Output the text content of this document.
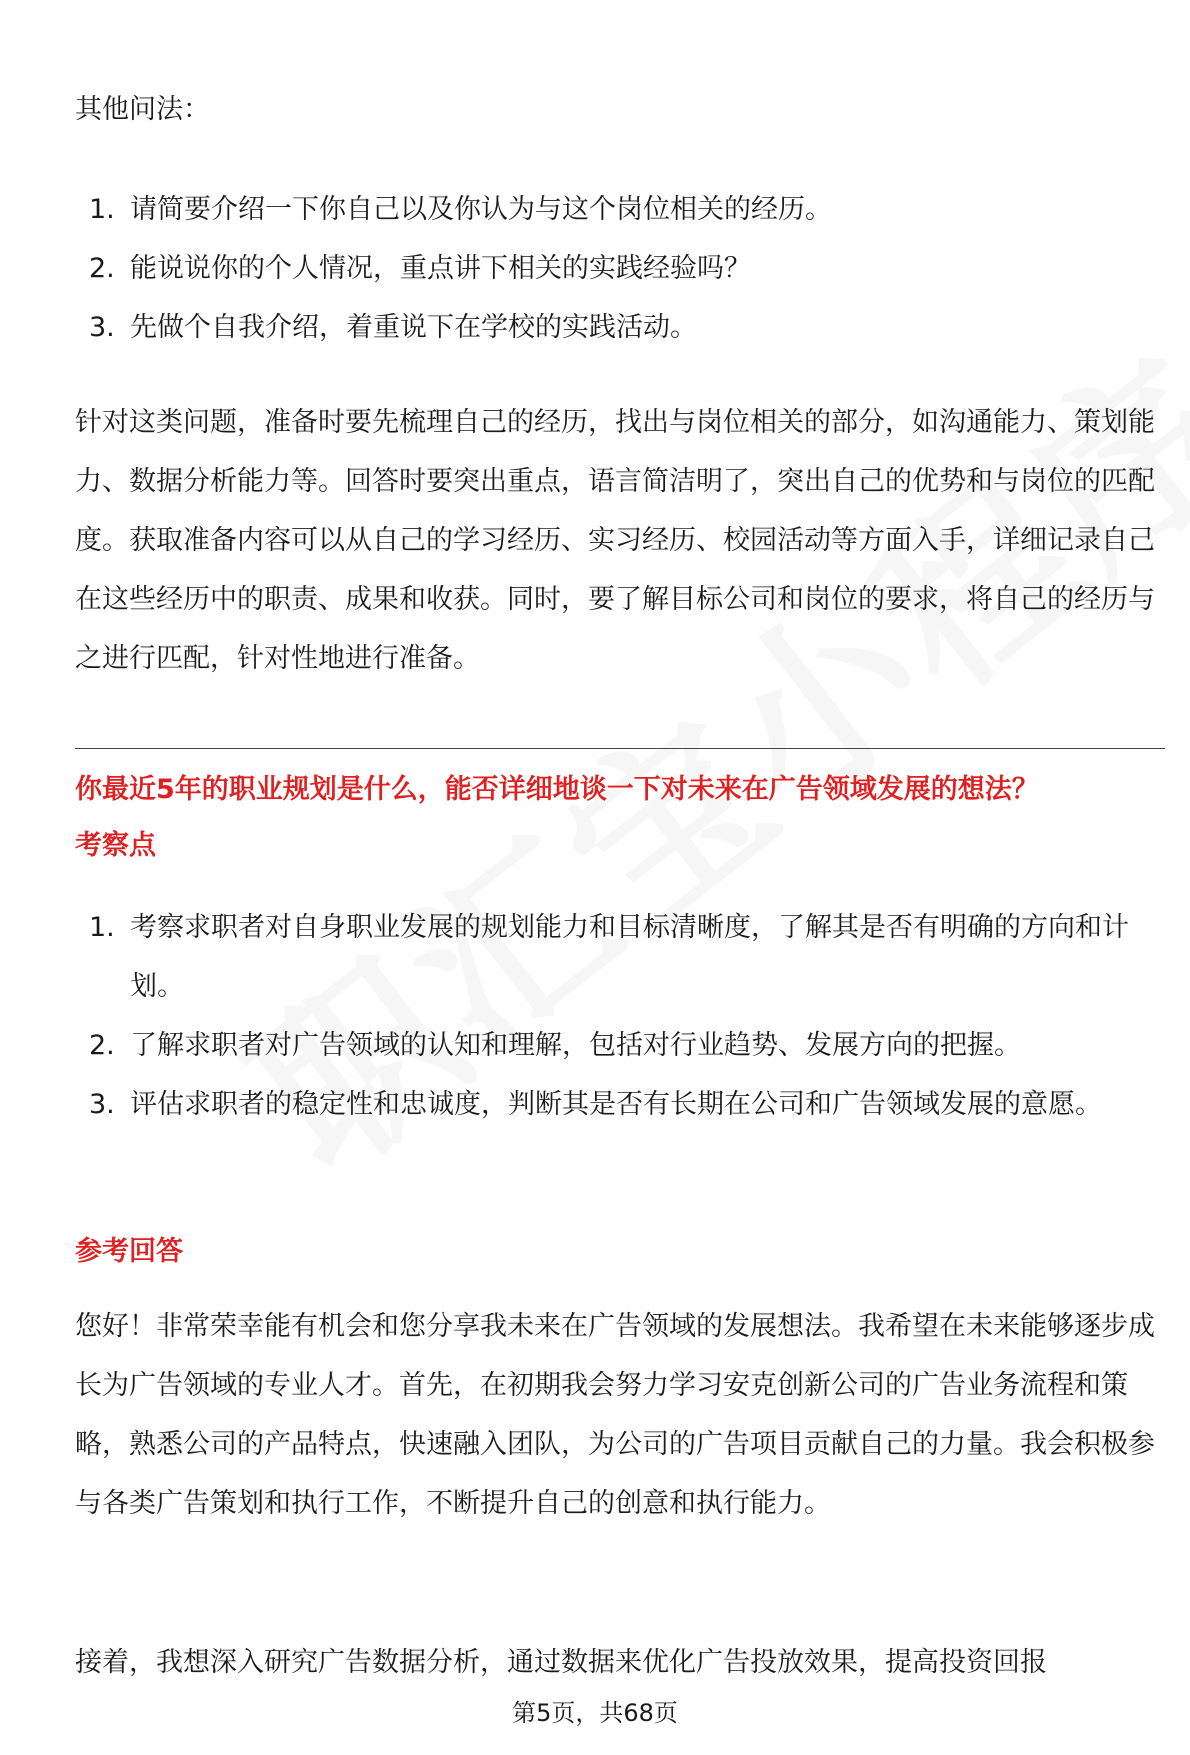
其他问法：
1. 请简要介绍一下你自己以及你认为与这个岗位相关的经历。
2. 能说说你的个人情况，重点讲下相关的实践经验吗？
3. 先做个自我介绍，着重说下在学校的实践活动。

针对这类问题，准备时要先梳理自己的经历，找出与岗位相关的部分，如沟通能力、策划能力、数据分析能力等。回答时要突出重点，语言简洁明了，突出自己的优势和与岗位的匹配度。获取准备内容可以从自己的学习经历、实习经历、校园活动等方面入手，详细记录自己在这些经历中的职责、成果和收获。同时，要了解目标公司和岗位的要求，将自己的经历与之进行匹配，针对性地进行准备。

你最近5年的职业规划是什么，能否详细地谈一下对未来在广告领域发展的想法？
考察点
1. 考察求职者对自身职业发展的规划能力和目标清晰度，了解其是否有明确的方向和计划。
2. 了解求职者对广告领域的认知和理解，包括对行业趋势、发展方向的把握。
3. 评估求职者的稳定性和忠诚度，判断其是否有长期在公司和广告领域发展的意愿。
参考回答

您好！非常荣幸能有机会和您分享我未来在广告领域的发展想法。我希望在未来能够逐步成长为广告领域的专业人才。首先，在初期我会努力学习安克创新公司的广告业务流程和策略，熟悉公司的产品特点，快速融入团队，为公司的广告项目贡献自己的力量。我会积极参与各类广告策划和执行工作，不断提升自己的创意和执行能力。

接着，我想深入研究广告数据分析，通过数据来优化广告投放效果，提高投资回报

第5页，共68页
